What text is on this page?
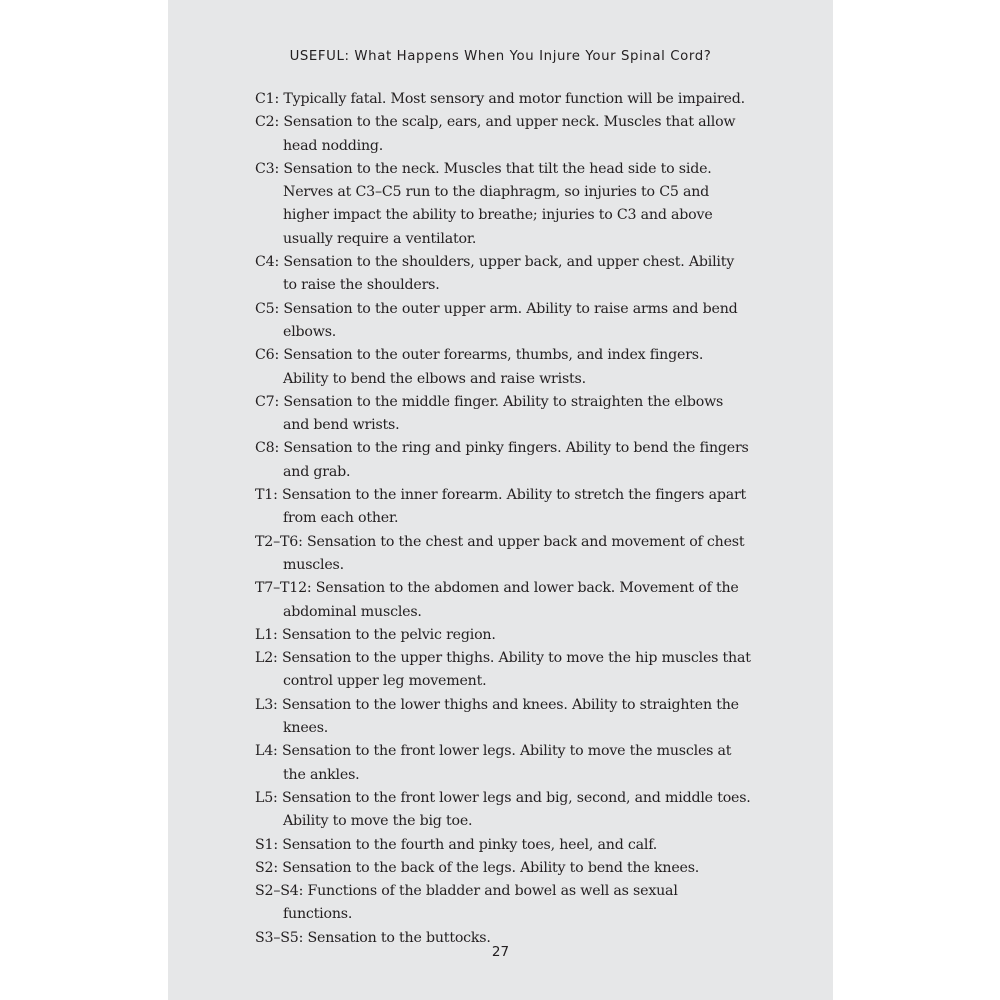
USEFUL: What Happens When You Injure Your Spinal Cord?
C1: Typically fatal. Most sensory and motor function will be impaired.
C2: Sensation to the scalp, ears, and upper neck. Muscles that allow head nodding.
C3: Sensation to the neck. Muscles that tilt the head side to side. Nerves at C3–C5 run to the diaphragm, so injuries to C5 and higher impact the ability to breathe; injuries to C3 and above usually require a ventilator.
C4: Sensation to the shoulders, upper back, and upper chest. Ability to raise the shoulders.
C5: Sensation to the outer upper arm. Ability to raise arms and bend elbows.
C6: Sensation to the outer forearms, thumbs, and index fingers. Ability to bend the elbows and raise wrists.
C7: Sensation to the middle finger. Ability to straighten the elbows and bend wrists.
C8: Sensation to the ring and pinky fingers. Ability to bend the fingers and grab.
T1: Sensation to the inner forearm. Ability to stretch the fingers apart from each other.
T2–T6: Sensation to the chest and upper back and movement of chest muscles.
T7–T12: Sensation to the abdomen and lower back. Movement of the abdominal muscles.
L1: Sensation to the pelvic region.
L2: Sensation to the upper thighs. Ability to move the hip muscles that control upper leg movement.
L3: Sensation to the lower thighs and knees. Ability to straighten the knees.
L4: Sensation to the front lower legs. Ability to move the muscles at the ankles.
L5: Sensation to the front lower legs and big, second, and middle toes. Ability to move the big toe.
S1: Sensation to the fourth and pinky toes, heel, and calf.
S2: Sensation to the back of the legs. Ability to bend the knees.
S2–S4: Functions of the bladder and bowel as well as sexual functions.
S3–S5: Sensation to the buttocks.
27
